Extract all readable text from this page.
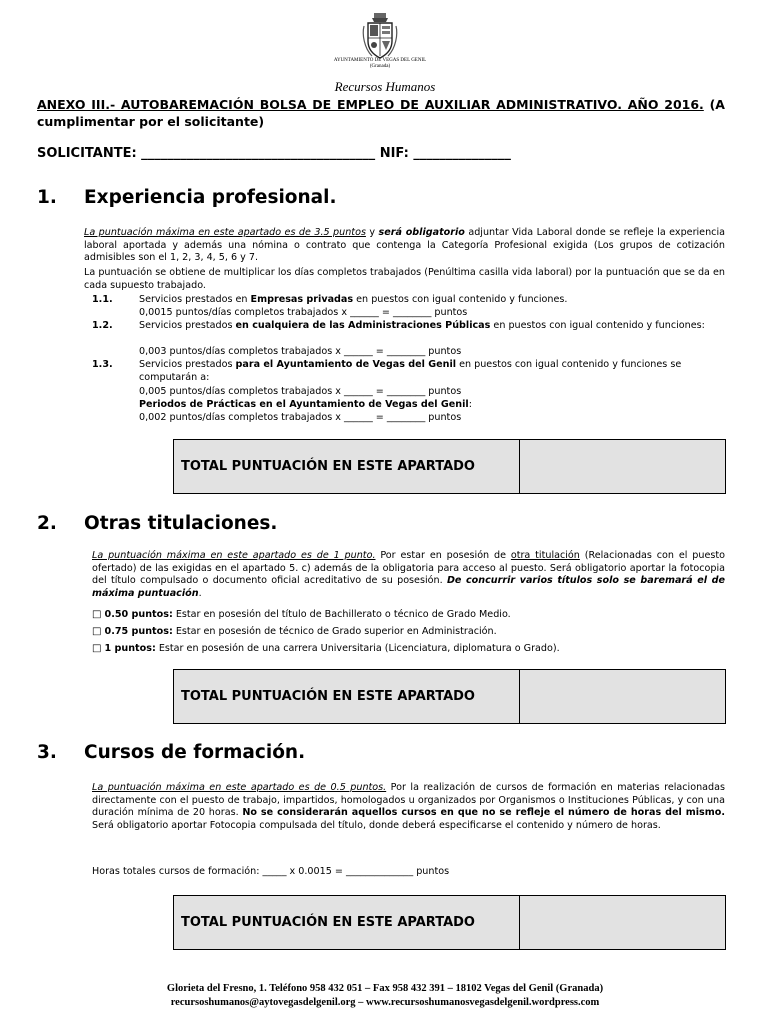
AYUNTAMIENTO DE VEGAS DEL GENIL
(Granada)
Recursos Humanos
ANEXO III.- AUTOBAREMACIÓN BOLSA DE EMPLEO DE AUXILIAR ADMINISTRATIVO. AÑO 2016. (A cumplimentar por el solicitante)
SOLICITANTE: ____________________________________ NIF: _______________
1. Experiencia profesional.
La puntuación máxima en este apartado es de 3.5 puntos y será obligatorio adjuntar Vida Laboral donde se refleje la experiencia laboral aportada y además una nómina o contrato que contenga la Categoría Profesional exigida (Los grupos de cotización admisibles son el 1, 2, 3, 4, 5, 6 y 7.
La puntuación se obtiene de multiplicar los días completos trabajados (Penúltima casilla vida laboral) por la puntuación que se da en cada supuesto trabajado.
1.1.	Servicios prestados en Empresas privadas en puestos con igual contenido y funciones.
0,0015 puntos/días completos trabajados x ______ = ________ puntos
1.2.	Servicios prestados en cualquiera de las Administraciones Públicas en puestos con igual contenido y funciones:
0,003 puntos/días completos trabajados x ______ = ________ puntos
1.3.	Servicios prestados para el Ayuntamiento de Vegas del Genil en puestos con igual contenido y funciones se computarán a:
0,005 puntos/días completos trabajados x ______ = ________ puntos
Periodos de Prácticas en el Ayuntamiento de Vegas del Genil:
0,002 puntos/días completos trabajados x ______ = ________ puntos
TOTAL PUNTUACIÓN EN ESTE APARTADO
2. Otras titulaciones.
La puntuación máxima en este apartado es de 1 punto. Por estar en posesión de otra titulación (Relacionadas con el puesto ofertado) de las exigidas en el apartado 5. c) además de la obligatoria para acceso al puesto. Será obligatorio aportar la fotocopia del título compulsado o documento oficial acreditativo de su posesión. De concurrir varios títulos solo se baremará el de máxima puntuación.
□ 0.50 puntos: Estar en posesión del título de Bachillerato o técnico de Grado Medio.
□ 0.75 puntos: Estar en posesión de técnico de Grado superior en Administración.
□ 1 puntos: Estar en posesión de una carrera Universitaria (Licenciatura, diplomatura o Grado).
TOTAL PUNTUACIÓN EN ESTE APARTADO
3. Cursos de formación.
La puntuación máxima en este apartado es de 0.5 puntos. Por la realización de cursos de formación en materias relacionadas directamente con el puesto de trabajo, impartidos, homologados u organizados por Organismos o Instituciones Públicas, y con una duración mínima de 20 horas. No se considerarán aquellos cursos en que no se refleje el número de horas del mismo. Será obligatorio aportar Fotocopia compulsada del título, donde deberá especificarse el contenido y número de horas.
Horas totales cursos de formación: _____ x 0.0015 = ______________ puntos
TOTAL PUNTUACIÓN EN ESTE APARTADO
Glorieta del Fresno, 1. Teléfono 958 432 051 – Fax 958 432 391 – 18102 Vegas del Genil (Granada)
recursoshumanos@aytovegasdelgenil.org – www.recursoshumanosvegasdelgenil.wordpress.com
